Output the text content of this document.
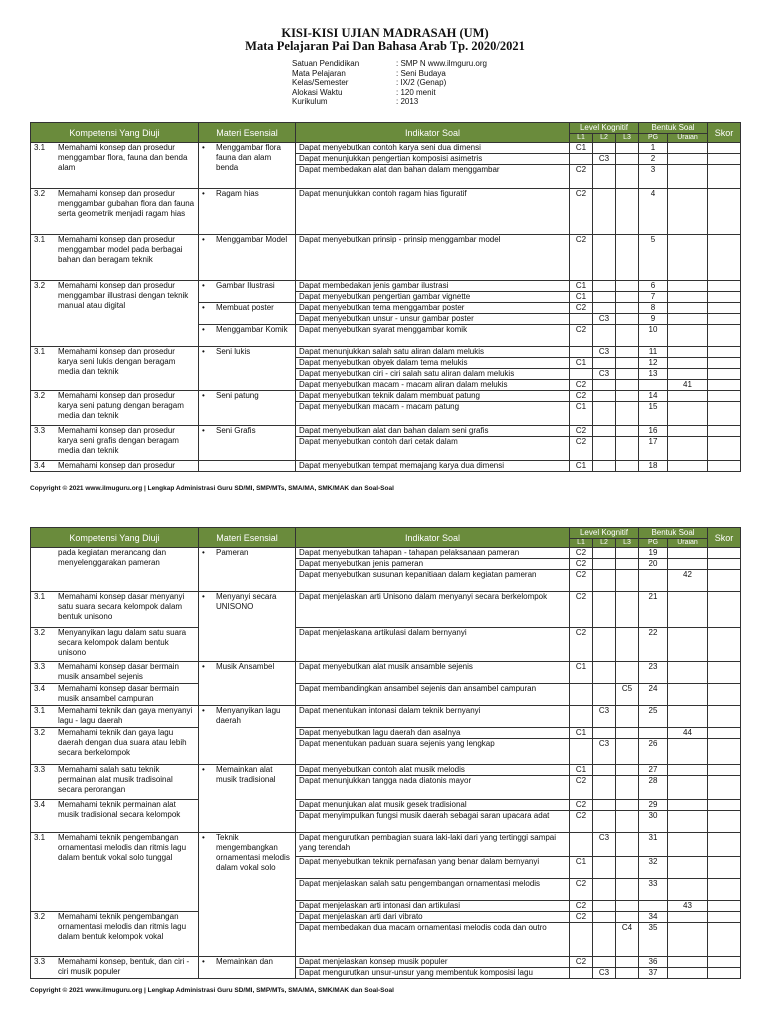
KISI-KISI UJIAN MADRASAH (UM)
Mata Pelajaran Pai Dan Bahasa Arab Tp. 2020/2021
Satuan Pendidikan	: SMP N www.ilmguru.org
Mata Pelajaran	: Seni Budaya
Kelas/Semester	: IX/2 (Genap)
Alokasi Waktu	: 120 menit
Kurikulum	: 2013
Kompetensi Yang Diuji	Materi Esensial	Indikator Soal	Level Kognitif			Bentuk Soal		Skor
			L1	L2	L3	PG	Uraian	

3.1 Memahami konsep dan prosedur menggambar flora, fauna dan benda alam	• Menggambar flora fauna dan alam benda	Dapat menyebutkan contoh karya seni dua dimensi	C1			1		
		Dapat menunjukkan pengertian komposisi asimetris		C3		2		
		Dapat membedakan alat dan bahan dalam menggambar	C2			3		

3.2 Memahami konsep dan prosedur menggambar gubahan flora dan fauna serta geometrik menjadi ragam hias	• Ragam hias	Dapat menunjukkan contoh ragam hias figuratif	C2			4		

3.1 Memahami konsep dan prosedur menggambar model pada berbagai bahan dan beragam teknik	• Menggambar Model	Dapat menyebutkan prinsip - prinsip menggambar model	C2			5		

3.2 Memahami konsep dan prosedur menggambar illustrasi dengan teknik manual atau digital	• Gambar Ilustrasi	Dapat membedakan jenis gambar ilustrasi	C1			6		
		Dapat menyebutkan pengertian gambar vignette	C1			7		

	• Membuat poster	Dapat menyebutkan tema menggambar poster	C2			8		
		Dapat menyebutkan unsur - unsur gambar poster		C3		9		

	• Menggambar Komik	Dapat menyebutkan syarat menggambar komik	C2			10		

3.1 Memahami konsep dan prosedur karya seni lukis dengan beragam media dan teknik	• Seni lukis	Dapat menunjukkan salah satu aliran dalam melukis		C3		11		
		Dapat menyebutkan obyek dalam tema melukis	C1			12		
		Dapat menyebutkan ciri - ciri salah satu aliran dalam melukis		C3		13		
		Dapat menyebutkan macam - macam aliran dalam melukis	C2				41	

3.2 Memahami konsep dan prosedur karya seni patung dengan beragam media dan teknik	• Seni patung	Dapat menyebutkan teknik dalam membuat patung	C2			14		
		Dapat menyebutkan macam - macam patung	C1			15		

3.3 Memahami konsep dan prosedur karya seni grafis dengan beragam media dan teknik	• Seni Grafis	Dapat menyebutkan alat dan bahan dalam seni grafis	C2			16		
		Dapat menyebutkan contoh dari cetak dalam	C2			17		

3.4 Memahami konsep dan prosedur		Dapat menyebutkan tempat memajang karya dua dimensi	C1			18		
Copyright © 2021 www.ilmuguru.org | Lengkap Administrasi Guru SD/MI, SMP/MTs, SMA/MA, SMK/MAK dan Soal-Soal
Kompetensi Yang Diuji	Materi Esensial	Indikator Soal	Level Kognitif			Bentuk Soal		Skor
			L1	L2	L3	PG	Uraian	

pada kegiatan merancang dan menyelenggarakan pameran	• Pameran	Dapat menyebutkan tahapan - tahapan pelaksanaan pameran	C2			19		
		Dapat menyebutkan jenis pameran	C2			20		
		Dapat menyebutkan susunan kepanitiaan dalam kegiatan pameran	C2				42	

3.1 Memahami konsep dasar menyanyi satu suara secara kelompok dalam bentuk unisono	• Menyanyi secara UNISONO	Dapat menjelaskan arti Unisono dalam menyanyi secara berkelompok	C2			21		

3.2 Menyanyikan lagu dalam satu suara secara kelompok dalam bentuk unisono		Dapat menjelaskana artikulasi dalam bernyanyi	C2			22		

3.3 Memahami konsep dasar bermain musik ansambel sejenis	• Musik Ansambel	Dapat menyebutkan alat musik ansamble sejenis	C1			23		

3.4 Memahami konsep dasar bermain musik ansambel campuran		Dapat membandingkan ansambel sejenis dan ansambel campuran			C5	24		

3.1 Memahami teknik dan gaya menyanyi lagu - lagu daerah	• Menyanyikan lagu daerah	Dapat menentukan intonasi dalam teknik bernyanyi		C3		25		

3.2 Memahami teknik dan gaya lagu daerah dengan dua suara atau lebih secara berkelompok		Dapat menyebutkan lagu daerah dan asalnya	C1				44	
		Dapat menentukan paduan suara sejenis yang lengkap		C3		26		

3.3 Memahami salah satu teknik permainan alat musik tradisoinal secara perorangan	• Memainkan alat musik tradisional	Dapat menyebutkan contoh alat musik melodis	C1			27		
		Dapat menunjukkan tangga nada diatonis mayor	C2			28		

3.4 Memahami teknik permainan alat musik tradisional secara kelompok		Dapat menunjukan alat musik gesek tradisional	C2			29		
		Dapat menyimpulkan fungsi musik daerah sebagai saran upacara adat	C2			30		

3.1 Memahami teknik pengembangan ornamentasi melodis dan ritmis lagu dalam bentuk vokal solo tunggal	• Teknik mengembangkan ornamentasi melodis dalam vokal solo	Dapat mengurutkan pembagian suara laki-laki dari yang tertinggi sampai yang terendah		C3		31		
		Dapat menyebutkan teknik pernafasan yang benar dalam bernyanyi	C1			32		
		Dapat menjelaskan salah satu pengembangan ornamentasi melodis	C2			33		
		Dapat menjelaskan arti intonasi dan artikulasi	C2				43	

3.2 Memahami teknik pengembangan ornamentasi melodis dan ritmis lagu dalam bentuk kelompok vokal		Dapat menjelaskan arti dari vibrato	C2			34		
		Dapat membedakan dua macam ornamentasi melodis coda dan outro			C4	35		

3.3 Memahami konsep, bentuk, dan ciri - ciri musik populer	• Memainkan dan	Dapat menjelaskan konsep musik populer	C2			36		
		Dapat mengurutkan unsur-unsur yang membentuk komposisi lagu		C3		37		
Copyright © 2021 www.ilmuguru.org | Lengkap Administrasi Guru SD/MI, SMP/MTs, SMA/MA, SMK/MAK dan Soal-Soal
